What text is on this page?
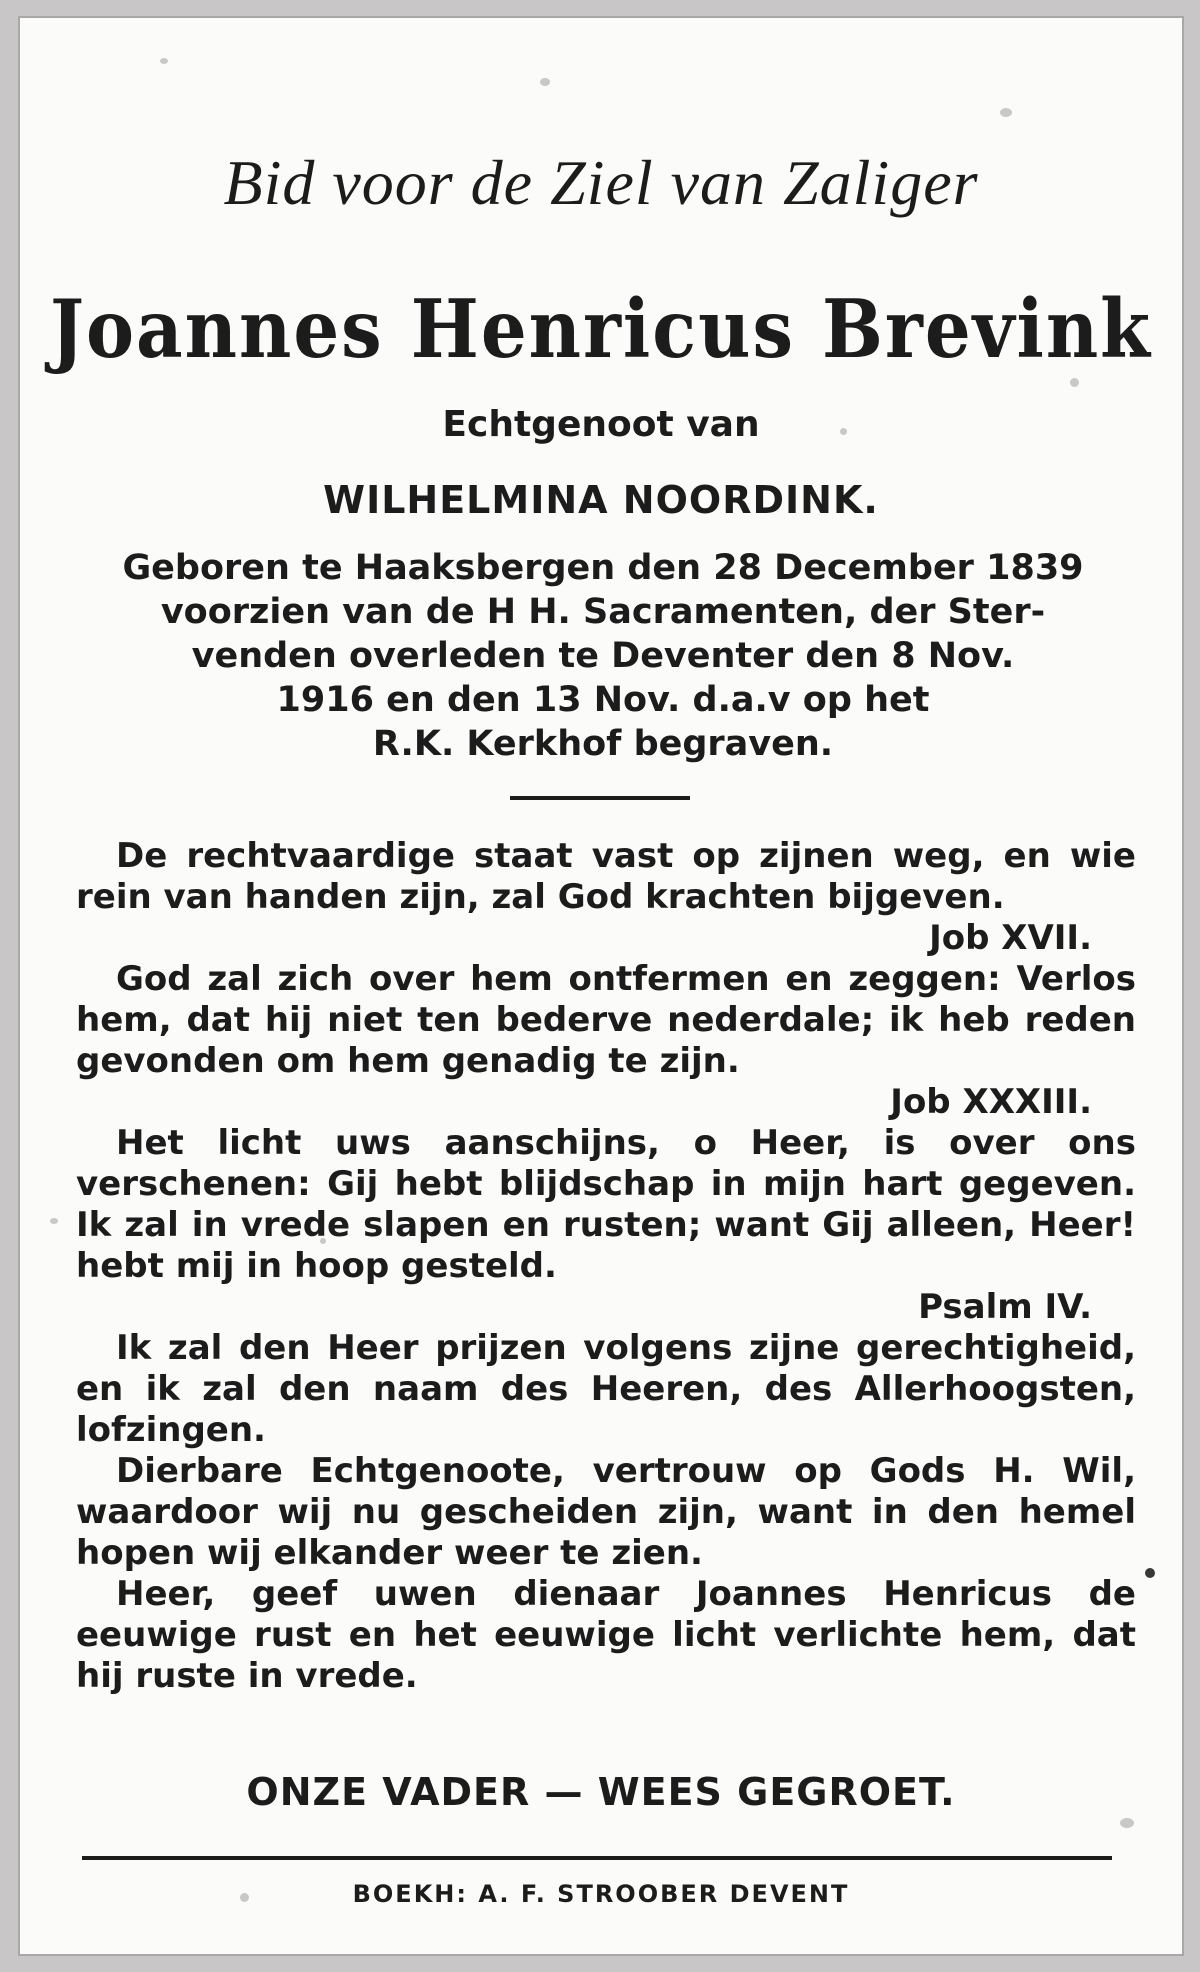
Bid voor de Ziel van Zaliger
Joannes Henricus Brevink
Echtgenoot van
WILHELMINA NOORDINK.
Geboren te Haaksbergen den 28 December 1839
voorzien van de H H. Sacramenten, der Ster-
venden overleden te Deventer den 8 Nov.
1916 en den 13 Nov. d.a.v op het
R.K. Kerkhof begraven.

De rechtvaardige staat vast op zijnen weg, en wie rein van handen zijn, zal God krachten bijgeven.
Job XVII.

God zal zich over hem ontfermen en zeggen: Verlos hem, dat hij niet ten bederve nederdale; ik heb reden gevonden om hem genadig te zijn.
Job XXXIII.

Het licht uws aanschijns, o Heer, is over ons verschenen: Gij hebt blijdschap in mijn hart gegeven. Ik zal in vrede slapen en rusten; want Gij alleen, Heer! hebt mij in hoop gesteld.
Psalm IV.

Ik zal den Heer prijzen volgens zijne gerechtigheid, en ik zal den naam des Heeren, des Allerhoogsten, lofzingen.

Dierbare Echtgenoote, vertrouw op Gods H. Wil, waardoor wij nu gescheiden zijn, want in den hemel hopen wij elkander weer te zien.

Heer, geef uwen dienaar Joannes Henricus de eeuwige rust en het eeuwige licht verlichte hem, dat hij ruste in vrede.

ONZE VADER — WEES GEGROET.
BOEKH: A. F. STROOBER DEVENT
